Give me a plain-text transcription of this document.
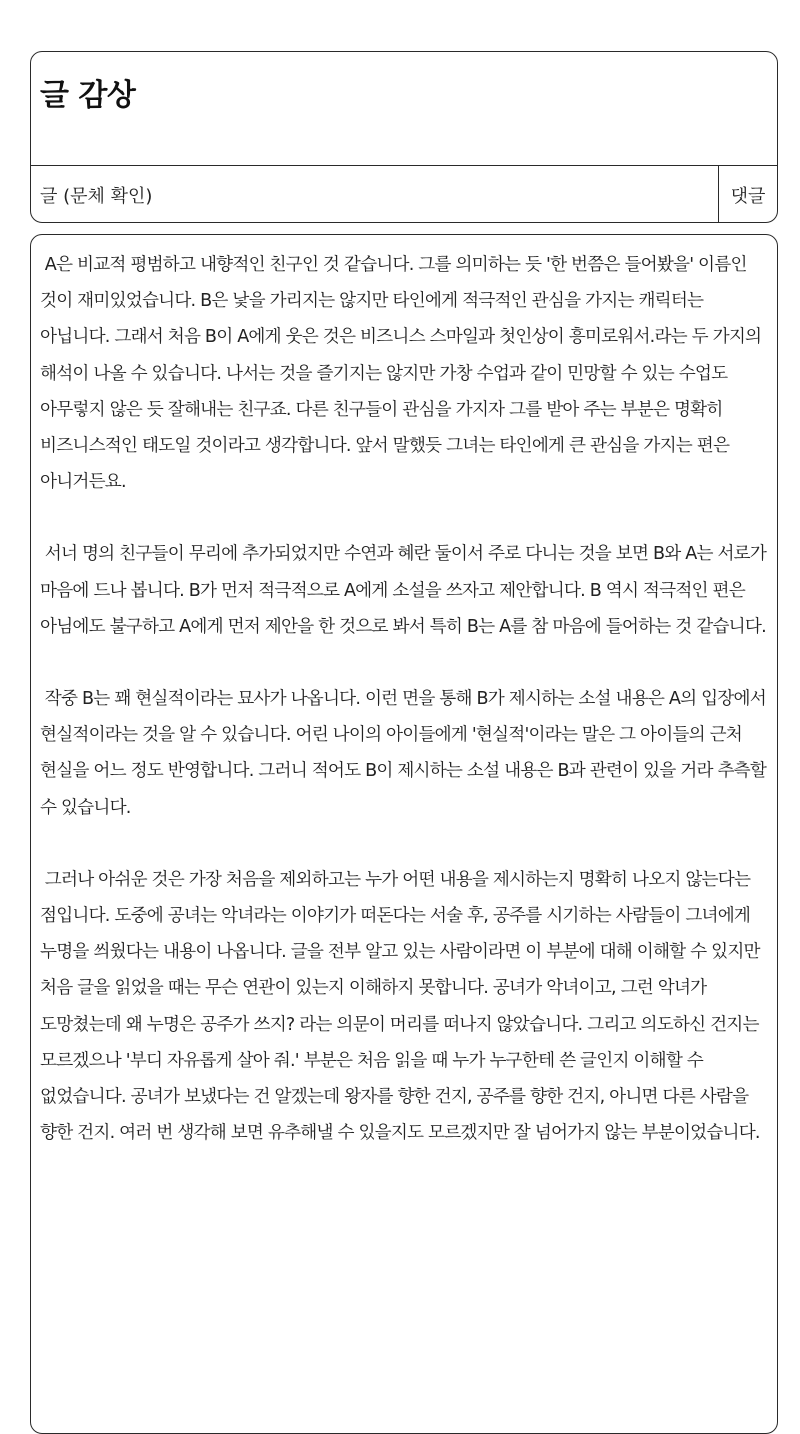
글 감상
글 (문체 확인)	댓글

A은 비교적 평범하고 내향적인 친구인 것 같습니다. 그를 의미하는 듯 '한 번쯤은 들어봤을' 이름인 것이 재미있었습니다. B은 낯을 가리지는 않지만 타인에게 적극적인 관심을 가지는 캐릭터는 아닙니다. 그래서 처음 B이 A에게 웃은 것은 비즈니스 스마일과 첫인상이 흥미로워서.라는 두 가지의 해석이 나올 수 있습니다. 나서는 것을 즐기지는 않지만 가창 수업과 같이 민망할 수 있는 수업도 아무렇지 않은 듯 잘해내는 친구죠. 다른 친구들이 관심을 가지자 그를 받아 주는 부분은 명확히 비즈니스적인 태도일 것이라고 생각합니다. 앞서 말했듯 그녀는 타인에게 큰 관심을 가지는 편은 아니거든요.

서너 명의 친구들이 무리에 추가되었지만 수연과 혜란 둘이서 주로 다니는 것을 보면 B와 A는 서로가 마음에 드나 봅니다. B가 먼저 적극적으로 A에게 소설을 쓰자고 제안합니다. B 역시 적극적인 편은 아님에도 불구하고 A에게 먼저 제안을 한 것으로 봐서 특히 B는 A를 참 마음에 들어하는 것 같습니다.

작중 B는 꽤 현실적이라는 묘사가 나옵니다. 이런 면을 통해 B가 제시하는 소설 내용은 A의 입장에서 현실적이라는 것을 알 수 있습니다. 어린 나이의 아이들에게 '현실적'이라는 말은 그 아이들의 근처 현실을 어느 정도 반영합니다. 그러니 적어도 B이 제시하는 소설 내용은 B과 관련이 있을 거라 추측할 수 있습니다.

그러나 아쉬운 것은 가장 처음을 제외하고는 누가 어떤 내용을 제시하는지 명확히 나오지 않는다는 점입니다. 도중에 공녀는 악녀라는 이야기가 떠돈다는 서술 후, 공주를 시기하는 사람들이 그녀에게 누명을 씌웠다는 내용이 나옵니다. 글을 전부 알고 있는 사람이라면 이 부분에 대해 이해할 수 있지만 처음 글을 읽었을 때는 무슨 연관이 있는지 이해하지 못합니다. 공녀가 악녀이고, 그런 악녀가 도망쳤는데 왜 누명은 공주가 쓰지? 라는 의문이 머리를 떠나지 않았습니다. 그리고 의도하신 건지는 모르겠으나 '부디 자유롭게 살아 줘.' 부분은 처음 읽을 때 누가 누구한테 쓴 글인지 이해할 수 없었습니다. 공녀가 보냈다는 건 알겠는데 왕자를 향한 건지, 공주를 향한 건지, 아니면 다른 사람을 향한 건지. 여러 번 생각해 보면 유추해낼 수 있을지도 모르겠지만 잘 넘어가지 않는 부분이었습니다.
